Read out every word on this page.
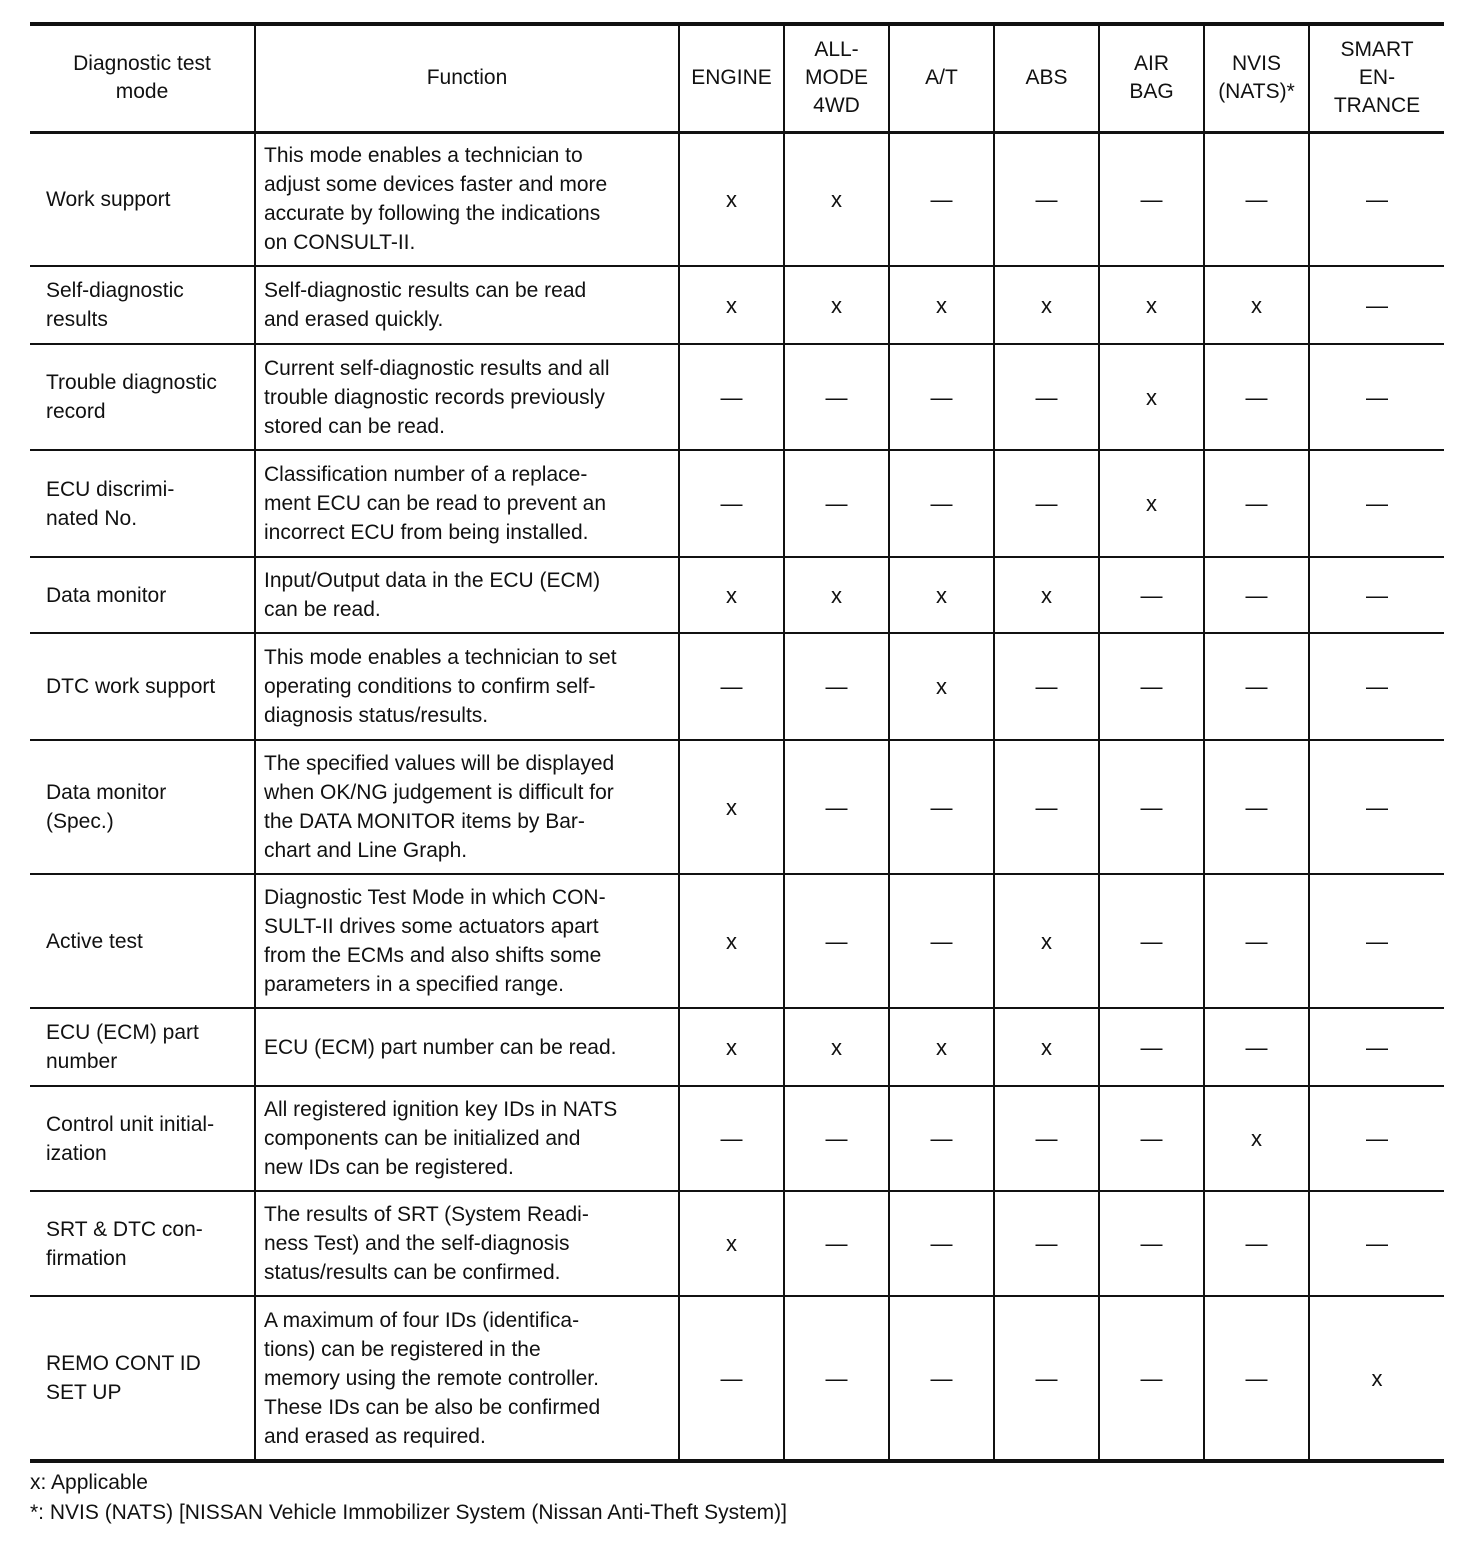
Diagnostic test
mode	Function	ENGINE	ALL-
MODE
4WD	A/T	ABS	AIR
BAG	NVIS
(NATS)*	SMART
EN-
TRANCE
Work support	This mode enables a technician to
adjust some devices faster and more
accurate by following the indications
on CONSULT-II.	x	x	—	—	—	—	—
Self-diagnostic
results	Self-diagnostic results can be read
and erased quickly.	x	x	x	x	x	x	—
Trouble diagnostic
record	Current self-diagnostic results and all
trouble diagnostic records previously
stored can be read.	—	—	—	—	x	—	—
ECU discrimi-
nated No.	Classification number of a replace-
ment ECU can be read to prevent an
incorrect ECU from being installed.	—	—	—	—	x	—	—
Data monitor	Input/Output data in the ECU (ECM)
can be read.	x	x	x	x	—	—	—
DTC work support	This mode enables a technician to set
operating conditions to confirm self-
diagnosis status/results.	—	—	x	—	—	—	—
Data monitor
(Spec.)	The specified values will be displayed
when OK/NG judgement is difficult for
the DATA MONITOR items by Bar-
chart and Line Graph.	x	—	—	—	—	—	—
Active test	Diagnostic Test Mode in which CON-
SULT-II drives some actuators apart
from the ECMs and also shifts some
parameters in a specified range.	x	—	—	x	—	—	—
ECU (ECM) part
number	ECU (ECM) part number can be read.	x	x	x	x	—	—	—
Control unit initial-
ization	All registered ignition key IDs in NATS
components can be initialized and
new IDs can be registered.	—	—	—	—	—	x	—
SRT & DTC con-
firmation	The results of SRT (System Readi-
ness Test) and the self-diagnosis
status/results can be confirmed.	x	—	—	—	—	—	—
REMO CONT ID
SET UP	A maximum of four IDs (identifica-
tions) can be registered in the
memory using the remote controller.
These IDs can be also be confirmed
and erased as required.	—	—	—	—	—	—	x
x: Applicable
*: NVIS (NATS) [NISSAN Vehicle Immobilizer System (Nissan Anti-Theft System)]
